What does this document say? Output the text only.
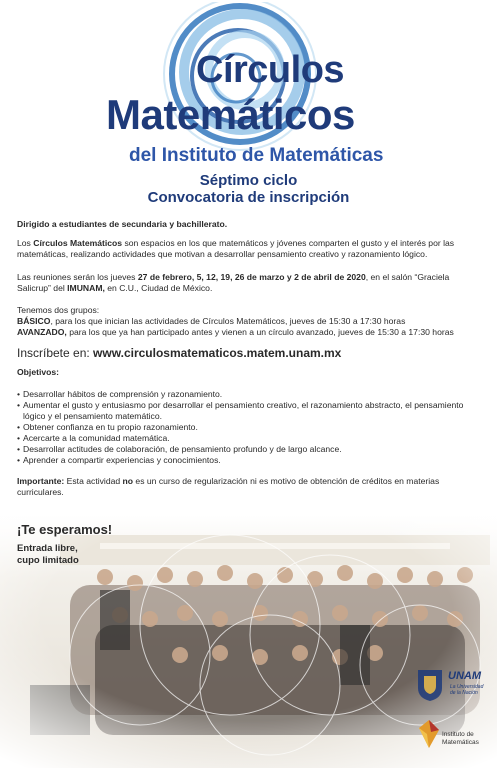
Círculos
Matemáticos
del Instituto de Matemáticas
Séptimo ciclo
Convocatoria de inscripción
Dirigido a estudiantes de secundaria y bachillerato.
Los Círculos Matemáticos son espacios en los que matemáticos y jóvenes comparten el gusto y el interés por las matemáticas, realizando actividades que motivan a desarrollar pensamiento creativo y razonamiento lógico.
Las reuniones serán los jueves 27 de febrero, 5, 12, 19, 26 de marzo y 2 de abril de 2020, en el salón “Graciela Salicrup” del IMUNAM, en C.U., Ciudad de México.

Tenemos dos grupos:

BÁSICO, para los que inician las actividades de Círculos Matemáticos, jueves de 15:30 a 17:30 horas

AVANZADO, para los que ya han participado antes y vienen a un círculo avanzado, jueves de 15:30 a 17:30 horas

Inscríbete en: www.circulosmatematicos.matem.unam.mx
Objetivos:
• Desarrollar hábitos de comprensión y razonamiento.
• Aumentar el gusto y entusiasmo por desarrollar el pensamiento creativo, el razonamiento abstracto, el pensamiento lógico y el pensamiento matemático.
• Obtener confianza en tu propio razonamiento.
• Acercarte a la comunidad matemática.
• Desarrollar actitudes de colaboración, de pensamiento profundo y de largo alcance.
• Aprender a compartir experiencias y conocimientos.
Importante: Esta actividad no es un curso de regularización ni es motivo de obtención de créditos en materias curriculares.
¡Te esperamos!
Entrada libre,
cupo limitado
UNAM
La Universidad
de la Nación
Instituto de
Matemáticas
